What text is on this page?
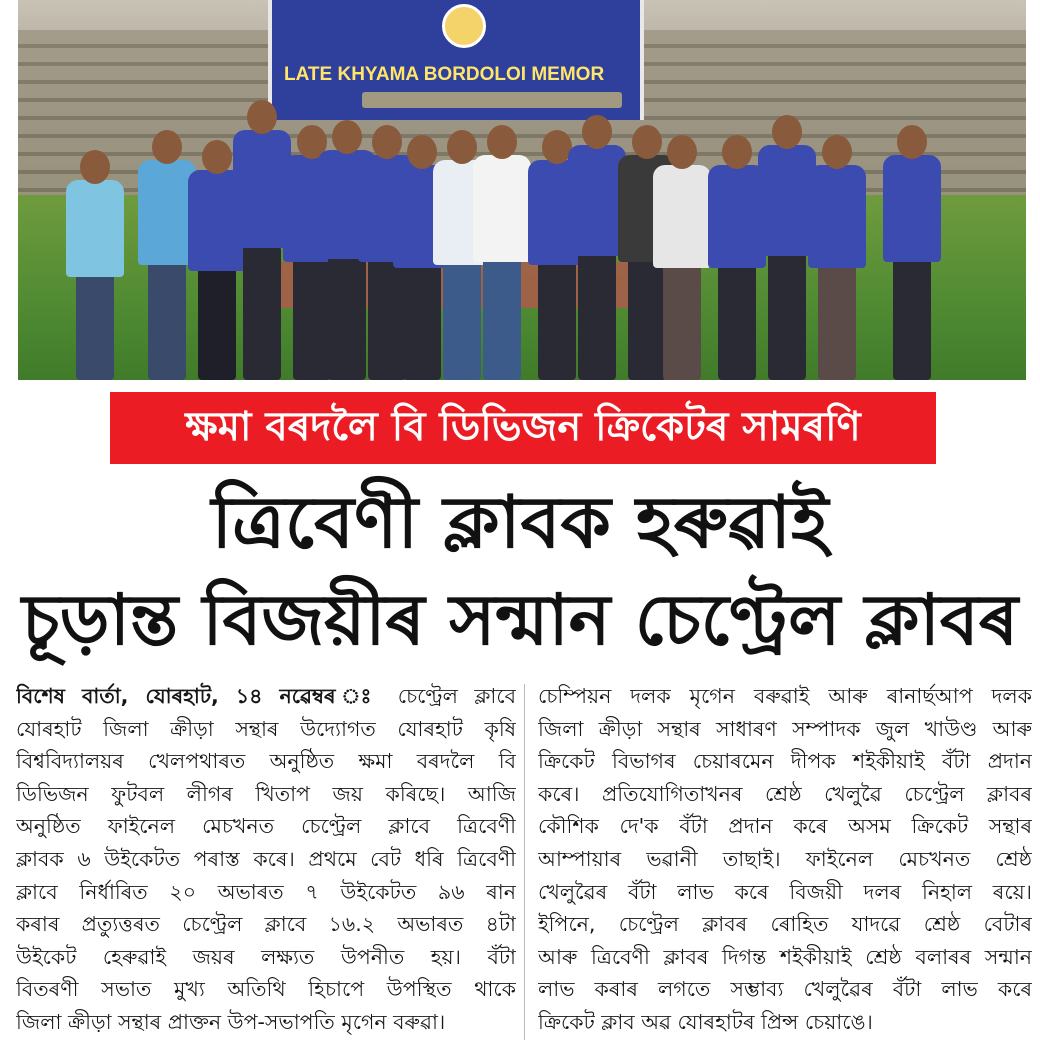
LATE KHYAMA BORDOLOI MEMOR
ক্ষমা বৰদলৈ বি ডিভিজন ক্ৰিকেটৰ সামৰণি
ত্ৰিবেণী ক্লাবক হৰুৱাই
চূড়ান্ত বিজয়ীৰ সন্মান চেণ্ট্ৰেল ক্লাবৰ
বিশেষ বাৰ্তা, যোৰহাট, ১৪ নৱেম্বৰ ঃ চেণ্ট্ৰেল ক্লাবে
যোৰহাট জিলা ক্ৰীড়া সন্থাৰ উদ্যোগত যোৰহাট কৃষি
বিশ্ববিদ্যালয়ৰ খেলপথাৰত অনুষ্ঠিত ক্ষমা বৰদলৈ বি
ডিভিজন ফুটবল লীগৰ খিতাপ জয় কৰিছে। আজি
অনুষ্ঠিত ফাইনেল মেচখনত চেণ্ট্ৰেল ক্লাবে ত্ৰিবেণী
ক্লাবক ৬ উইকেটত পৰাস্ত কৰে। প্ৰথমে বেট ধৰি ত্ৰিবেণী
ক্লাবে নিৰ্ধাৰিত ২০ অভাৰত ৭ উইকেটত ৯৬ ৰান
কৰাৰ প্ৰত্যুত্তৰত চেণ্ট্ৰেল ক্লাবে ১৬.২ অভাৰত ৪টা
উইকেট হেৰুৱাই জয়ৰ লক্ষ্যত উপনীত হয়। বঁটা
বিতৰণী সভাত মুখ্য অতিথি হিচাপে উপস্থিত থাকে
জিলা ক্ৰীড়া সন্থাৰ প্ৰাক্তন উপ-সভাপতি মৃগেন বৰুৱা।
চেম্পিয়ন দলক মৃগেন বৰুৱাই আৰু ৰানাৰ্ছআপ দলক
জিলা ক্ৰীড়া সন্থাৰ সাধাৰণ সম্পাদক জুল খাউণ্ড আৰু
ক্ৰিকেট বিভাগৰ চেয়াৰমেন দীপক শইকীয়াই বঁটা প্ৰদান
কৰে। প্ৰতিযোগিতাখনৰ শ্ৰেষ্ঠ খেলুৱৈ চেণ্ট্ৰেল ক্লাবৰ
কৌশিক দে'ক বঁটা প্ৰদান কৰে অসম ক্ৰিকেট সন্থাৰ
আম্পায়াৰ ভৱানী তাছাই। ফাইনেল মেচখনত শ্ৰেষ্ঠ
খেলুৱৈৰ বঁটা লাভ কৰে বিজয়ী দলৰ নিহাল ৰয়ে।
ইপিনে, চেণ্ট্ৰেল ক্লাবৰ ৰোহিত যাদৱে শ্ৰেষ্ঠ বেটাৰ
আৰু ত্ৰিবেণী ক্লাবৰ দিগন্ত শইকীয়াই শ্ৰেষ্ঠ বলাৰৰ সন্মান
লাভ কৰাৰ লগতে সম্ভাব্য খেলুৱৈৰ বঁটা লাভ কৰে
ক্ৰিকেট ক্লাব অৱ যোৰহাটৰ প্ৰিন্স চেয়াঙে।
